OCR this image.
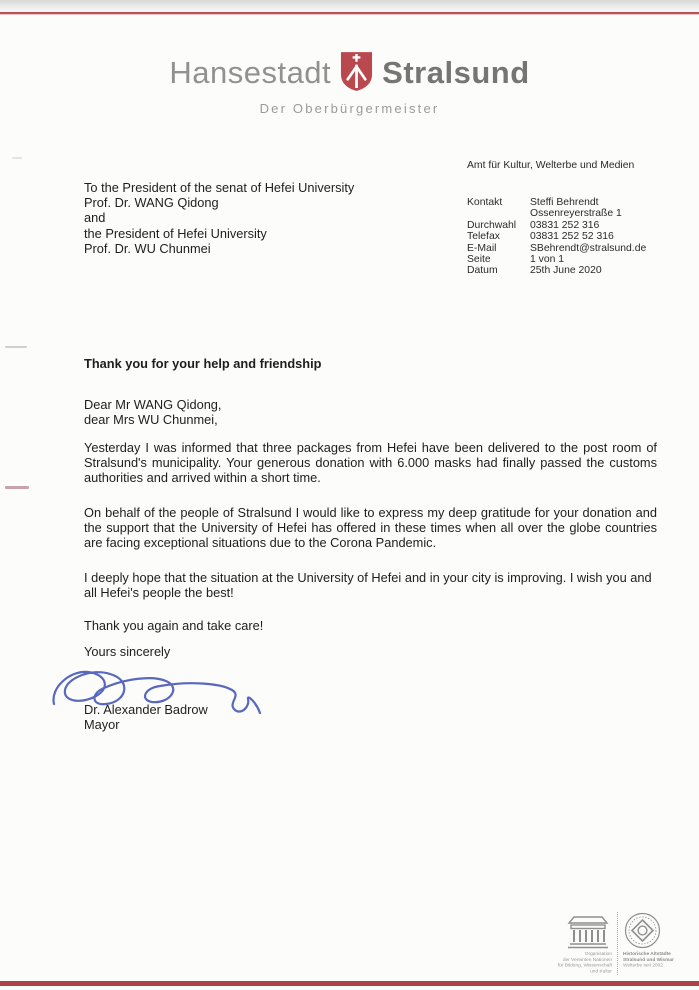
Hansestadt Stralsund
Der Oberbürgermeister
Amt für Kultur, Welterbe und Medien
To the President of the senat of Hefei University
Prof. Dr. WANG Qidong
and
the President of Hefei University
Prof. Dr. WU Chunmei
Kontakt	Steffi Behrendt
Ossenreyerstraße 1
Durchwahl	03831 252 316
Telefax	03831 252 52 316
E-Mail	SBehrendt@stralsund.de
Seite	1 von 1
Datum	25th June 2020
Thank you for your help and friendship
Dear Mr WANG Qidong,
dear Mrs WU Chunmei,

Yesterday I was informed that three packages from Hefei have been delivered to the post room of Stralsund's municipality. Your generous donation with 6.000 masks had finally passed the customs authorities and arrived within a short time.

On behalf of the people of Stralsund I would like to express my deep gratitude for your donation and the support that the University of Hefei has offered in these times when all over the globe countries are facing exceptional situations due to the Corona Pandemic.

I deeply hope that the situation at the University of Hefei and in your city is improving. I wish you and all Hefei's people the best!

Thank you again and take care!
Yours sincerely
Dr. Alexander Badrow
Mayor
Organisation
der Vereinten Nationen
für Bildung, Wissenschaft
und Kultur
Historische Altstädte
Stralsund und Wismar
Welterbe seit 2002
